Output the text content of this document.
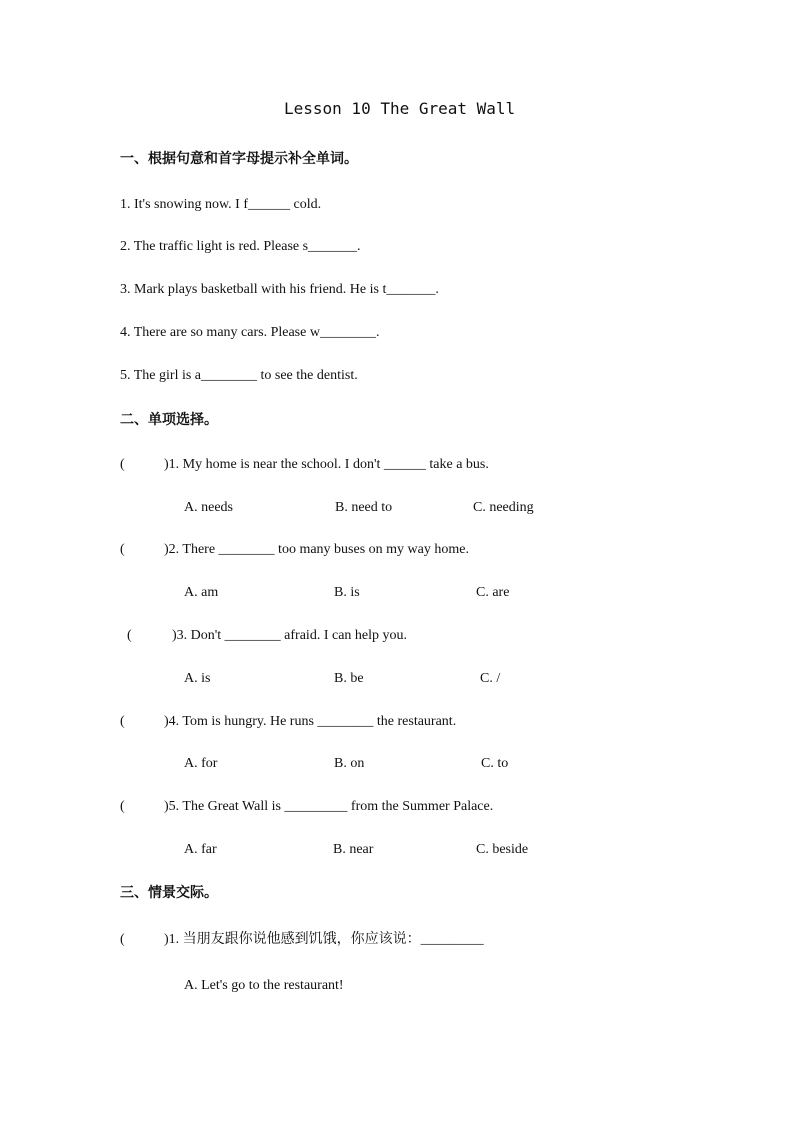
Lesson 10 The Great Wall
一、根据句意和首字母提示补全单词。
1. It's snowing now. I f______ cold.
2. The traffic light is red. Please s_______.
3. Mark plays basketball with his friend. He is t_______.
4. There are so many cars. Please w________.
5. The girl is a________ to see the dentist.
二、单项选择。
(	)1. My home is near the school. I don't ______ take a bus.
A. needs	B. need to	C. needing
(	)2. There ________ too many buses on my way home.
A. am	B. is	C. are
(	)3. Don't ________ afraid. I can help you.
A. is	B. be	C. /
(	)4. Tom is hungry. He runs ________ the restaurant.
A. for	B. on	C. to
(	)5. The Great Wall is _________ from the Summer Palace.
A. far	B. near	C. beside
三、情景交际。
(	)1. 当朋友跟你说他感到饥饿，你应该说：_________
A. Let's go to the restaurant!
